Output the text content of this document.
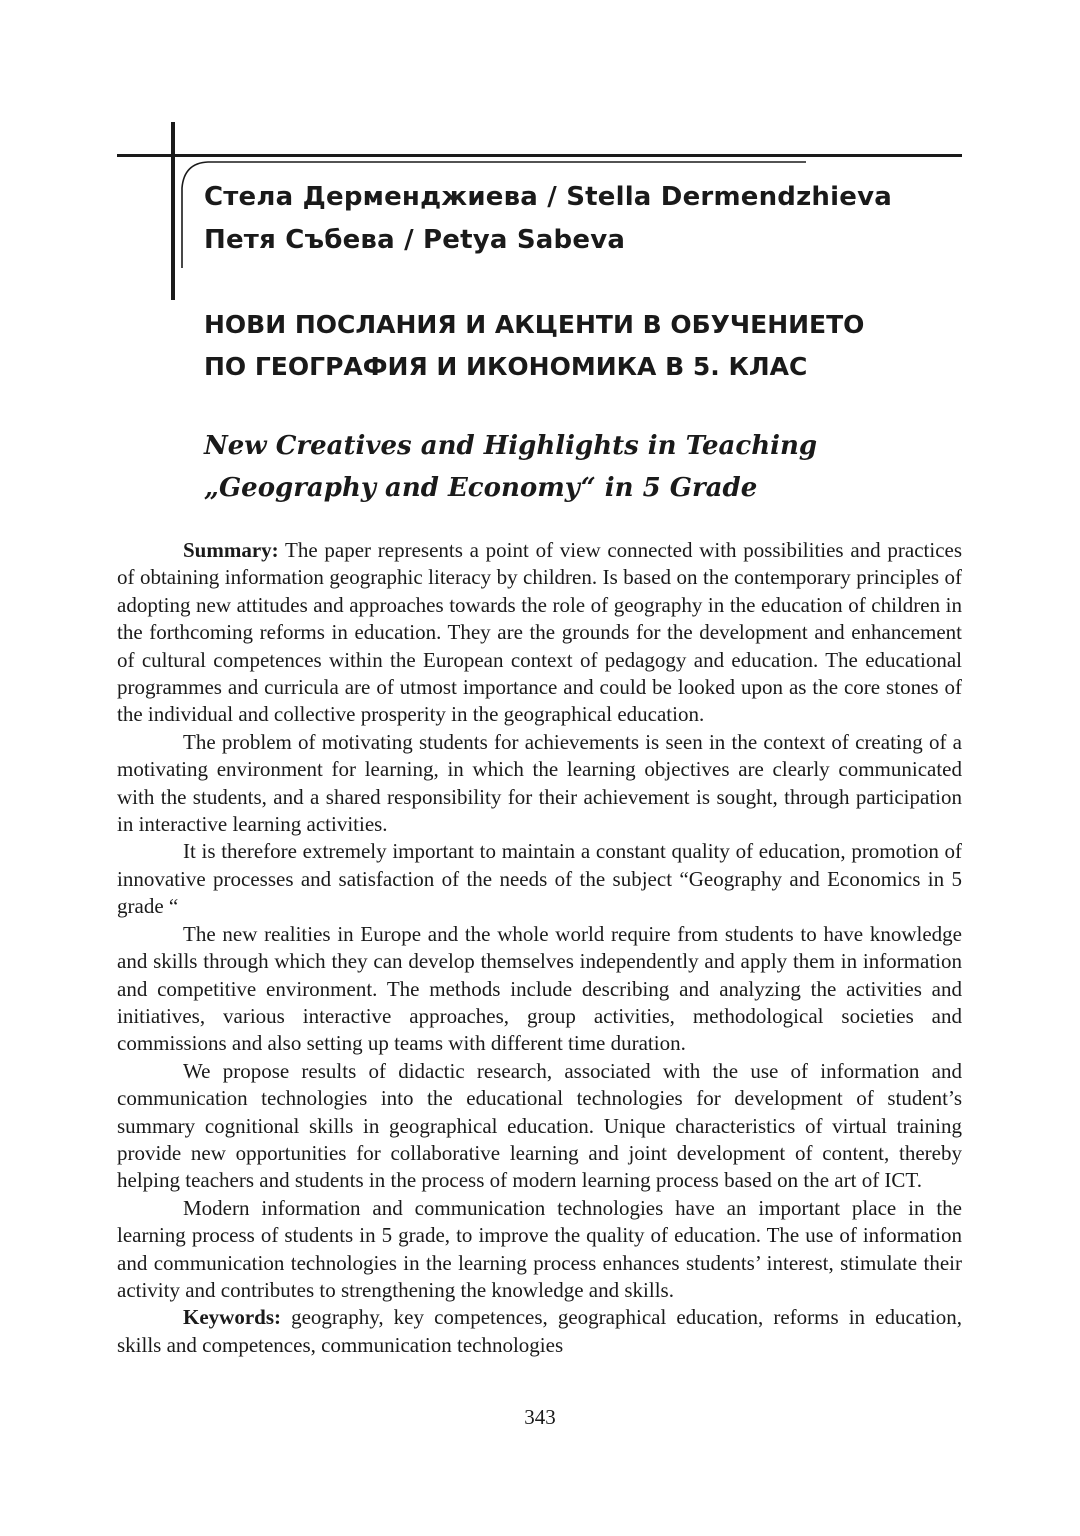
Стела Дерменджиева / Stella Dermendzhieva
Петя Събева / Petya Sabeva
НОВИ ПОСЛАНИЯ И АКЦЕНТИ В ОБУЧЕНИЕТО
ПО ГЕОГРАФИЯ И ИКОНОМИКА В 5. КЛАС
New Creatives and Highlights in Teaching
„Geography and Economy“ in 5 Grade

Summary: The paper represents a point of view connected with possibilities and practices of obtaining information geographic literacy by children. Is based on the contemporary principles of adopting new attitudes and approaches towards the role of geography in the education of children in the forthcoming reforms in education. They are the grounds for the development and enhancement of cultural competences within the European context of pedagogy and education. The educational programmes and curricula are of utmost importance and could be looked upon as the core stones of the individual and collective prosperity in the geographical education.

The problem of motivating students for achievements is seen in the context of creating of a motivating environment for learning, in which the learning objectives are clearly communicated with the students, and a shared responsibility for their achievement is sought, through participation in interactive learning activities.

It is therefore extremely important to maintain a constant quality of education, promotion of innovative processes and satisfaction of the needs of the subject “Geography and Economics in 5 grade “

The new realities in Europe and the whole world require from students to have knowledge and skills through which they can develop themselves independently and apply them in information and competitive environment. The methods include describing and analyzing the activities and initiatives, various interactive approaches, group activities, methodological societies and commissions and also setting up teams with different time duration.

We propose results of didactic research, associated with the use of information and communication technologies into the educational technologies for development of student’s summary cognitional skills in geographical education. Unique characteristics of virtual training provide new opportunities for collaborative learning and joint development of content, thereby helping teachers and students in the process of modern learning process based on the art of ICT.

Modern information and communication technologies have an important place in the learning process of students in 5 grade, to improve the quality of education. The use of information and communication technologies in the learning process enhances students’ interest, stimulate their activity and contributes to strengthening the knowledge and skills.

Keywords: geography, key competences, geographical education, reforms in education, skills and competences, communication technologies

343
